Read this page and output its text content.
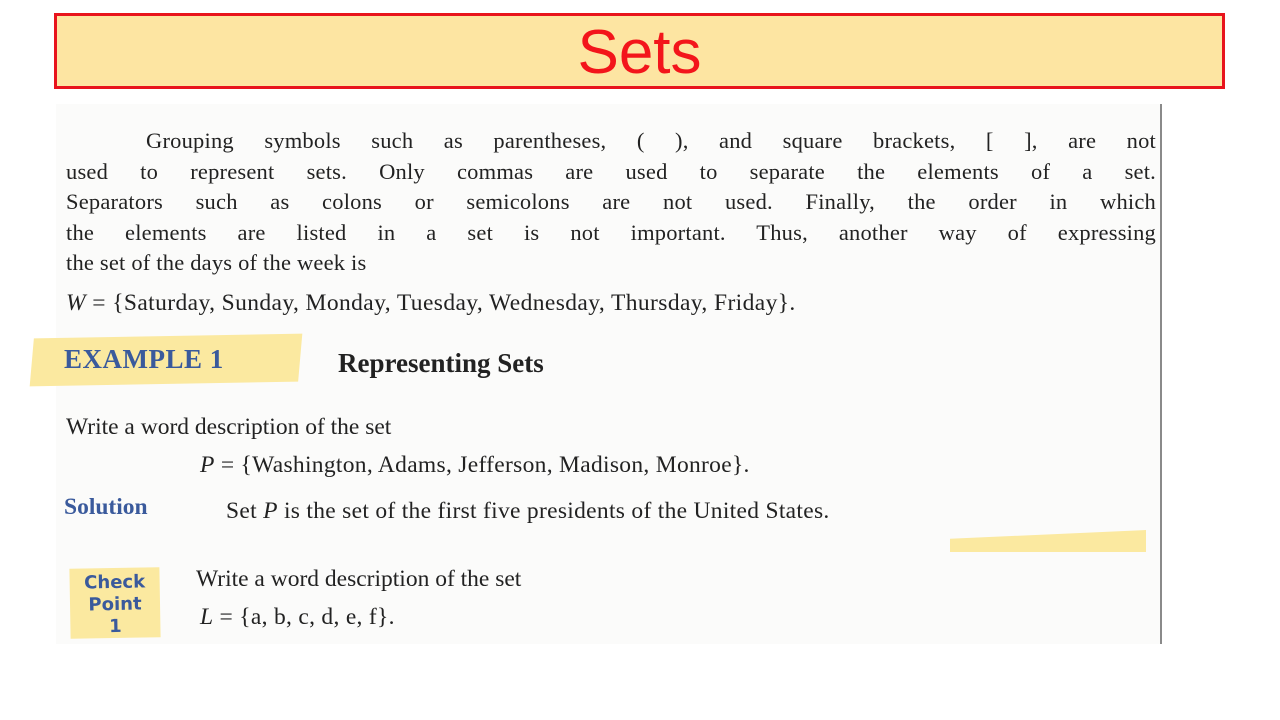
Sets
Grouping symbols such as parentheses, ( ), and square brackets, [ ], are not
used to represent sets. Only commas are used to separate the elements of a set.
Separators such as colons or semicolons are not used. Finally, the order in which
the elements are listed in a set is not important. Thus, another way of expressing
the set of the days of the week is
W = {Saturday, Sunday, Monday, Tuesday, Wednesday, Thursday, Friday}.
EXAMPLE 1	Representing Sets
Write a word description of the set
P = {Washington, Adams, Jefferson, Madison, Monroe}.
Solution	Set P is the set of the first five presidents of the United States.
Check
Point
1
Write a word description of the set
L = {a, b, c, d, e, f}.
